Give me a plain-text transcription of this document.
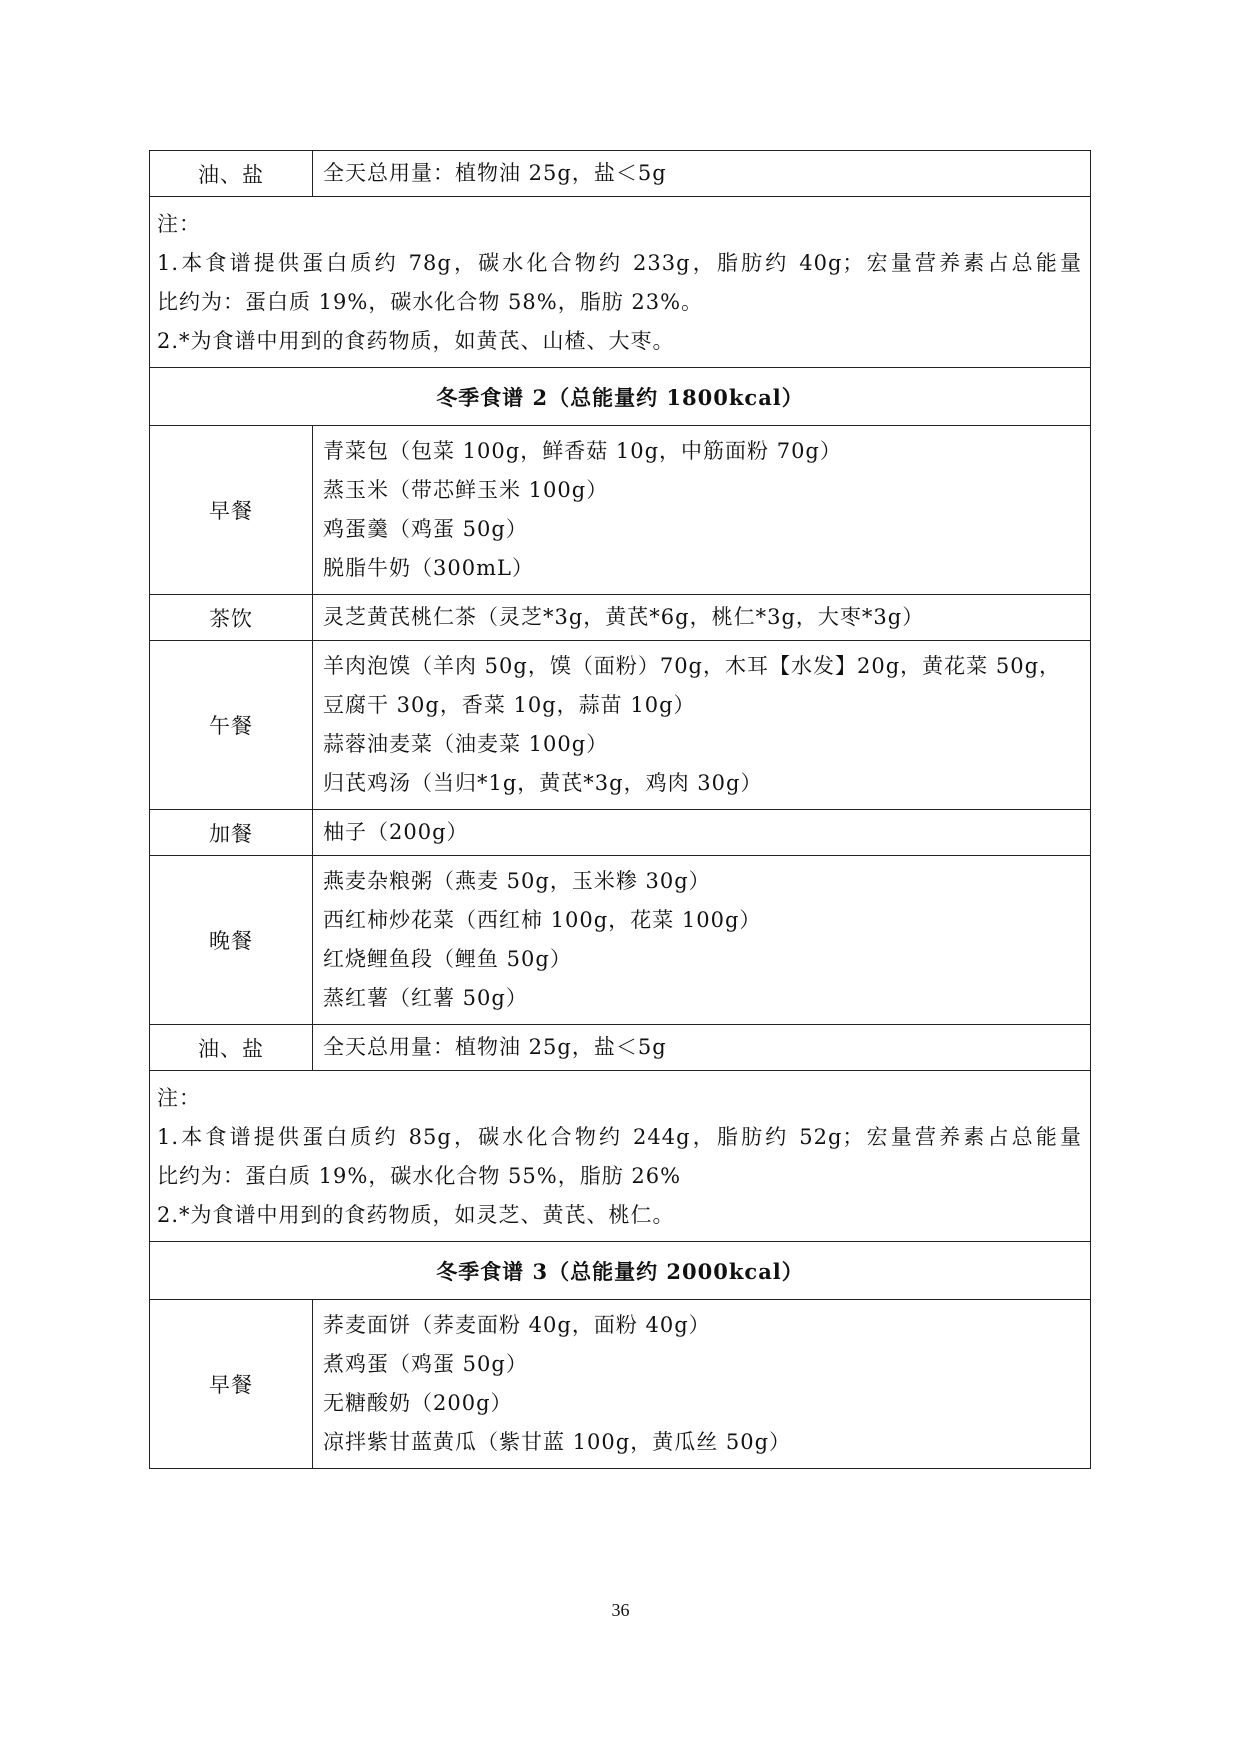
油、盐	全天总用量：植物油 25g，盐＜5g

注：
1.本食谱提供蛋白质约 78g，碳水化合物约 233g，脂肪约 40g；宏量营养素占总能量
比约为：蛋白质 19%，碳水化合物 58%，脂肪 23%。
2.*为食谱中用到的食药物质，如黄芪、山楂、大枣。	

冬季食谱 2（总能量约 1800kcal）	
早餐	青菜包（包菜 100g，鲜香菇 10g，中筋面粉 70g）
蒸玉米（带芯鲜玉米 100g）
鸡蛋羹（鸡蛋 50g）
脱脂牛奶（300mL）

茶饮	灵芝黄芪桃仁茶（灵芝*3g，黄芪*6g，桃仁*3g，大枣*3g）

午餐	羊肉泡馍（羊肉 50g，馍（面粉）70g，木耳【水发】20g，黄花菜 50g，
豆腐干 30g，香菜 10g，蒜苗 10g）
蒜蓉油麦菜（油麦菜 100g）
归芪鸡汤（当归*1g，黄芪*3g，鸡肉 30g）

加餐	柚子（200g）

晚餐	燕麦杂粮粥（燕麦 50g，玉米糁 30g）
西红柿炒花菜（西红柿 100g，花菜 100g）
红烧鲤鱼段（鲤鱼 50g）
蒸红薯（红薯 50g）

油、盐	全天总用量：植物油 25g，盐＜5g

注：
1.本食谱提供蛋白质约 85g，碳水化合物约 244g，脂肪约 52g；宏量营养素占总能量
比约为：蛋白质 19%，碳水化合物 55%，脂肪 26%
2.*为食谱中用到的食药物质，如灵芝、黄芪、桃仁。	

冬季食谱 3（总能量约 2000kcal）	
早餐	荞麦面饼（荞麦面粉 40g，面粉 40g）
煮鸡蛋（鸡蛋 50g）
无糖酸奶（200g）
凉拌紫甘蓝黄瓜（紫甘蓝 100g，黄瓜丝 50g）
36
